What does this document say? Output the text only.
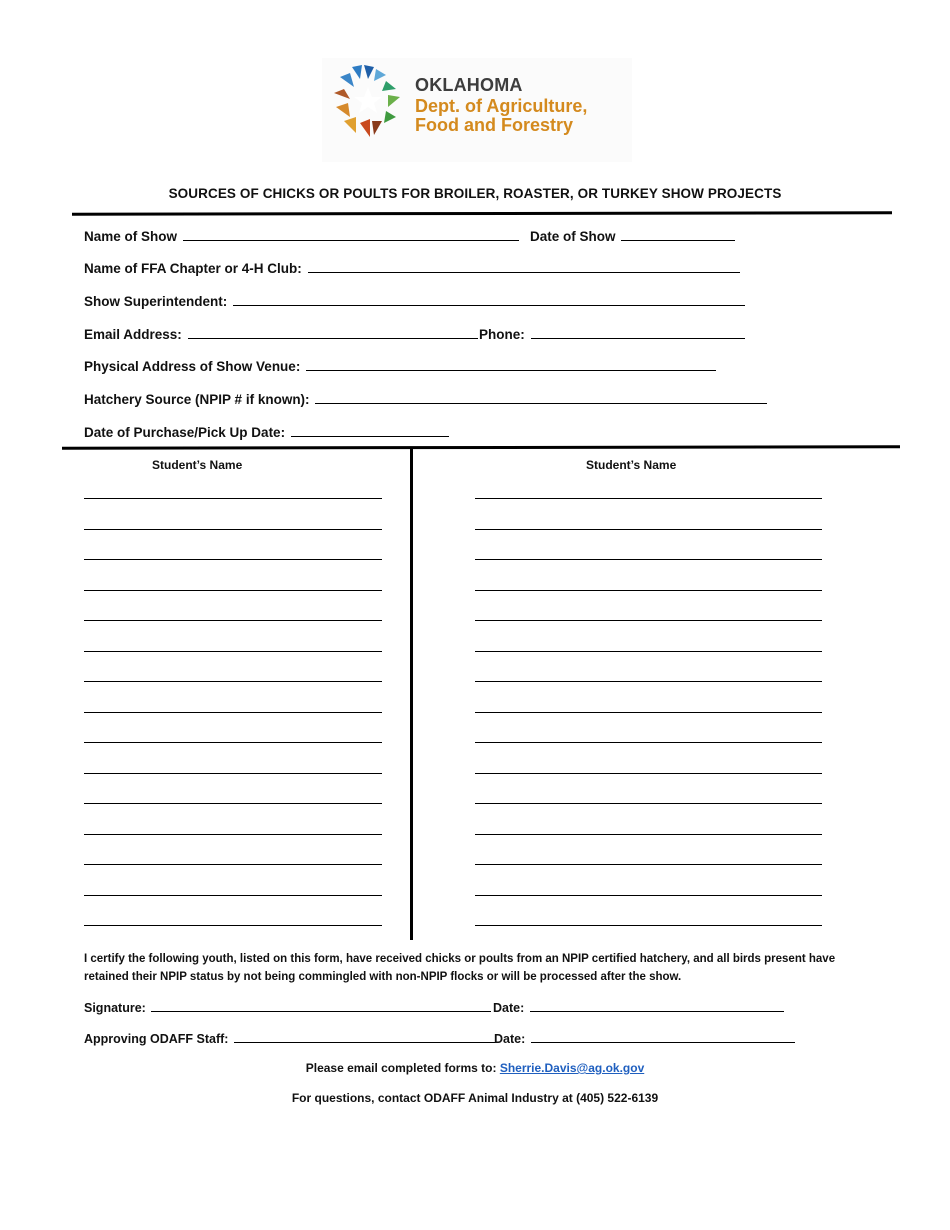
OKLAHOMA
Dept. of Agriculture,
Food and Forestry
SOURCES OF CHICKS OR POULTS FOR BROILER, ROASTER, OR TURKEY SHOW PROJECTS
Name of Show	Date of Show
Name of FFA Chapter or 4-H Club:
Show Superintendent:
Email Address:	Phone:
Physical Address of Show Venue:
Hatchery Source (NPIP # if known):
Date of Purchase/Pick Up Date:
Student’s Name	Student’s Name
I certify the following youth, listed on this form, have received chicks or poults from an NPIP certified hatchery, and all birds present have retained their NPIP status by not being commingled with non-NPIP flocks or will be processed after the show.
Signature:	Date:
Approving ODAFF Staff:	Date:
Please email completed forms to: Sherrie.Davis@ag.ok.gov
For questions, contact ODAFF Animal Industry at (405) 522-6139
